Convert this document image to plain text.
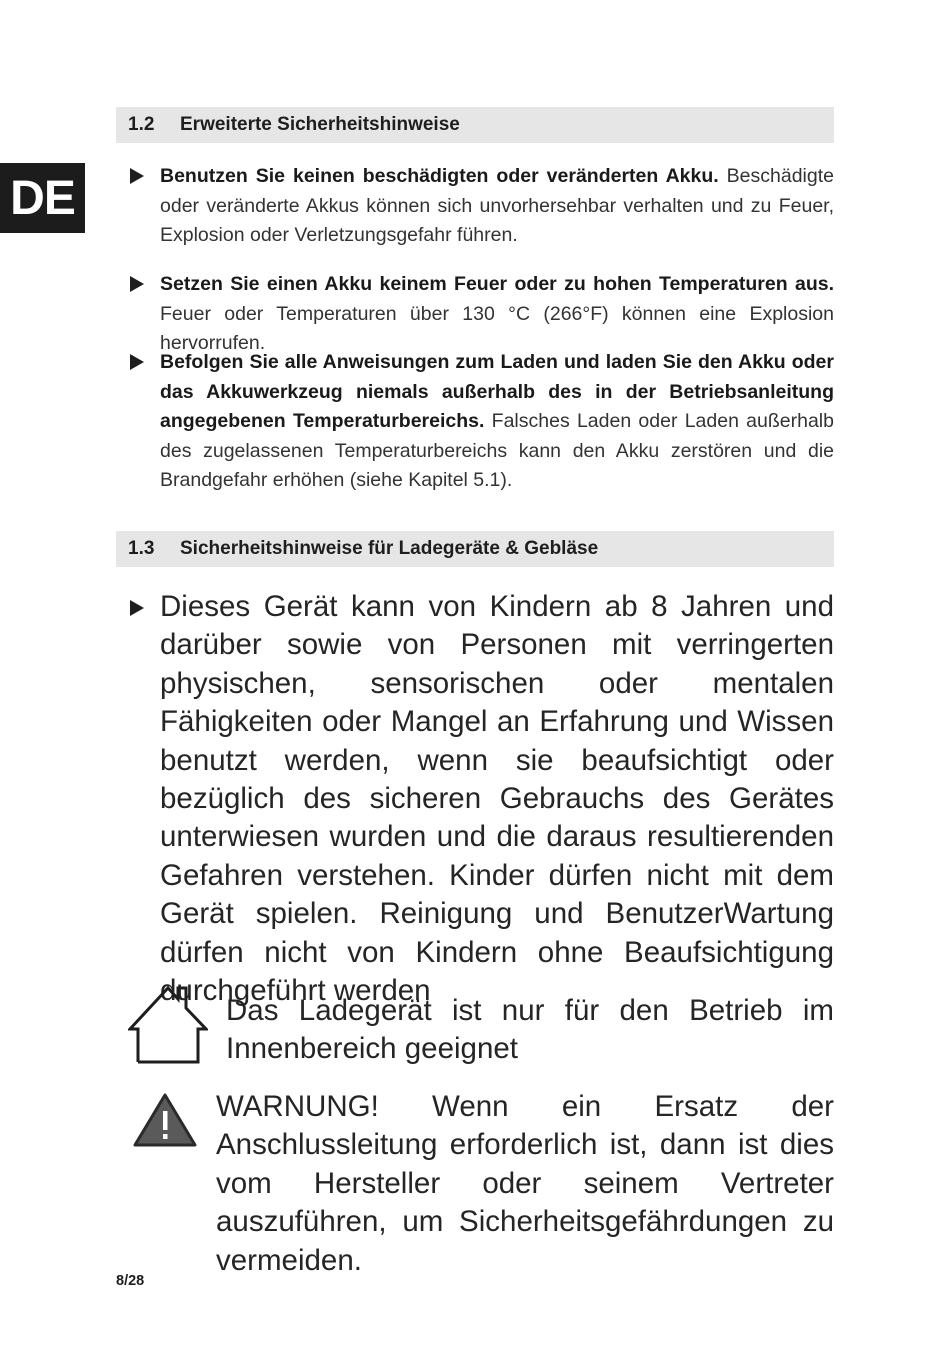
DE
1.2	Erweiterte Sicherheitshinweise
Benutzen Sie keinen beschädigten oder veränderten Akku. Beschädigte oder veränderte Akkus können sich unvorhersehbar verhalten und zu Feuer, Explosion oder Verletzungsgefahr führen.
Setzen Sie einen Akku keinem Feuer oder zu hohen Temperaturen aus. Feuer oder Temperaturen über 130 °C (266°F) können eine Explosion hervorrufen.
Befolgen Sie alle Anweisungen zum Laden und laden Sie den Akku oder das Akkuwerkzeug niemals außerhalb des in der Betriebsanleitung angegebenen Temperaturbereichs. Falsches Laden oder Laden außerhalb des zugelassenen Temperaturbereichs kann den Akku zerstören und die Brandgefahr erhöhen (siehe Kapitel 5.1).
1.3	Sicherheitshinweise für Ladegeräte & Gebläse
Dieses Gerät kann von Kindern ab 8 Jahren und darüber sowie von Personen mit verringerten physischen, sensorischen oder mentalen Fähigkeiten oder Mangel an Erfahrung und Wissen benutzt werden, wenn sie beaufsichtigt oder bezüglich des sicheren Gebrauchs des Gerätes unterwiesen wurden und die daraus resultierenden Gefahren verstehen. Kinder dürfen nicht mit dem Gerät spielen. Reinigung und BenutzerWartung dürfen nicht von Kindern ohne Beaufsichtigung durchgeführt werden
Das Ladegerät ist nur für den Betrieb im Innenbereich geeignet
WARNUNG! Wenn ein Ersatz der Anschlussleitung erforderlich ist, dann ist dies vom Hersteller oder seinem Vertreter auszuführen, um Sicherheitsgefährdungen zu vermeiden.
8/28
